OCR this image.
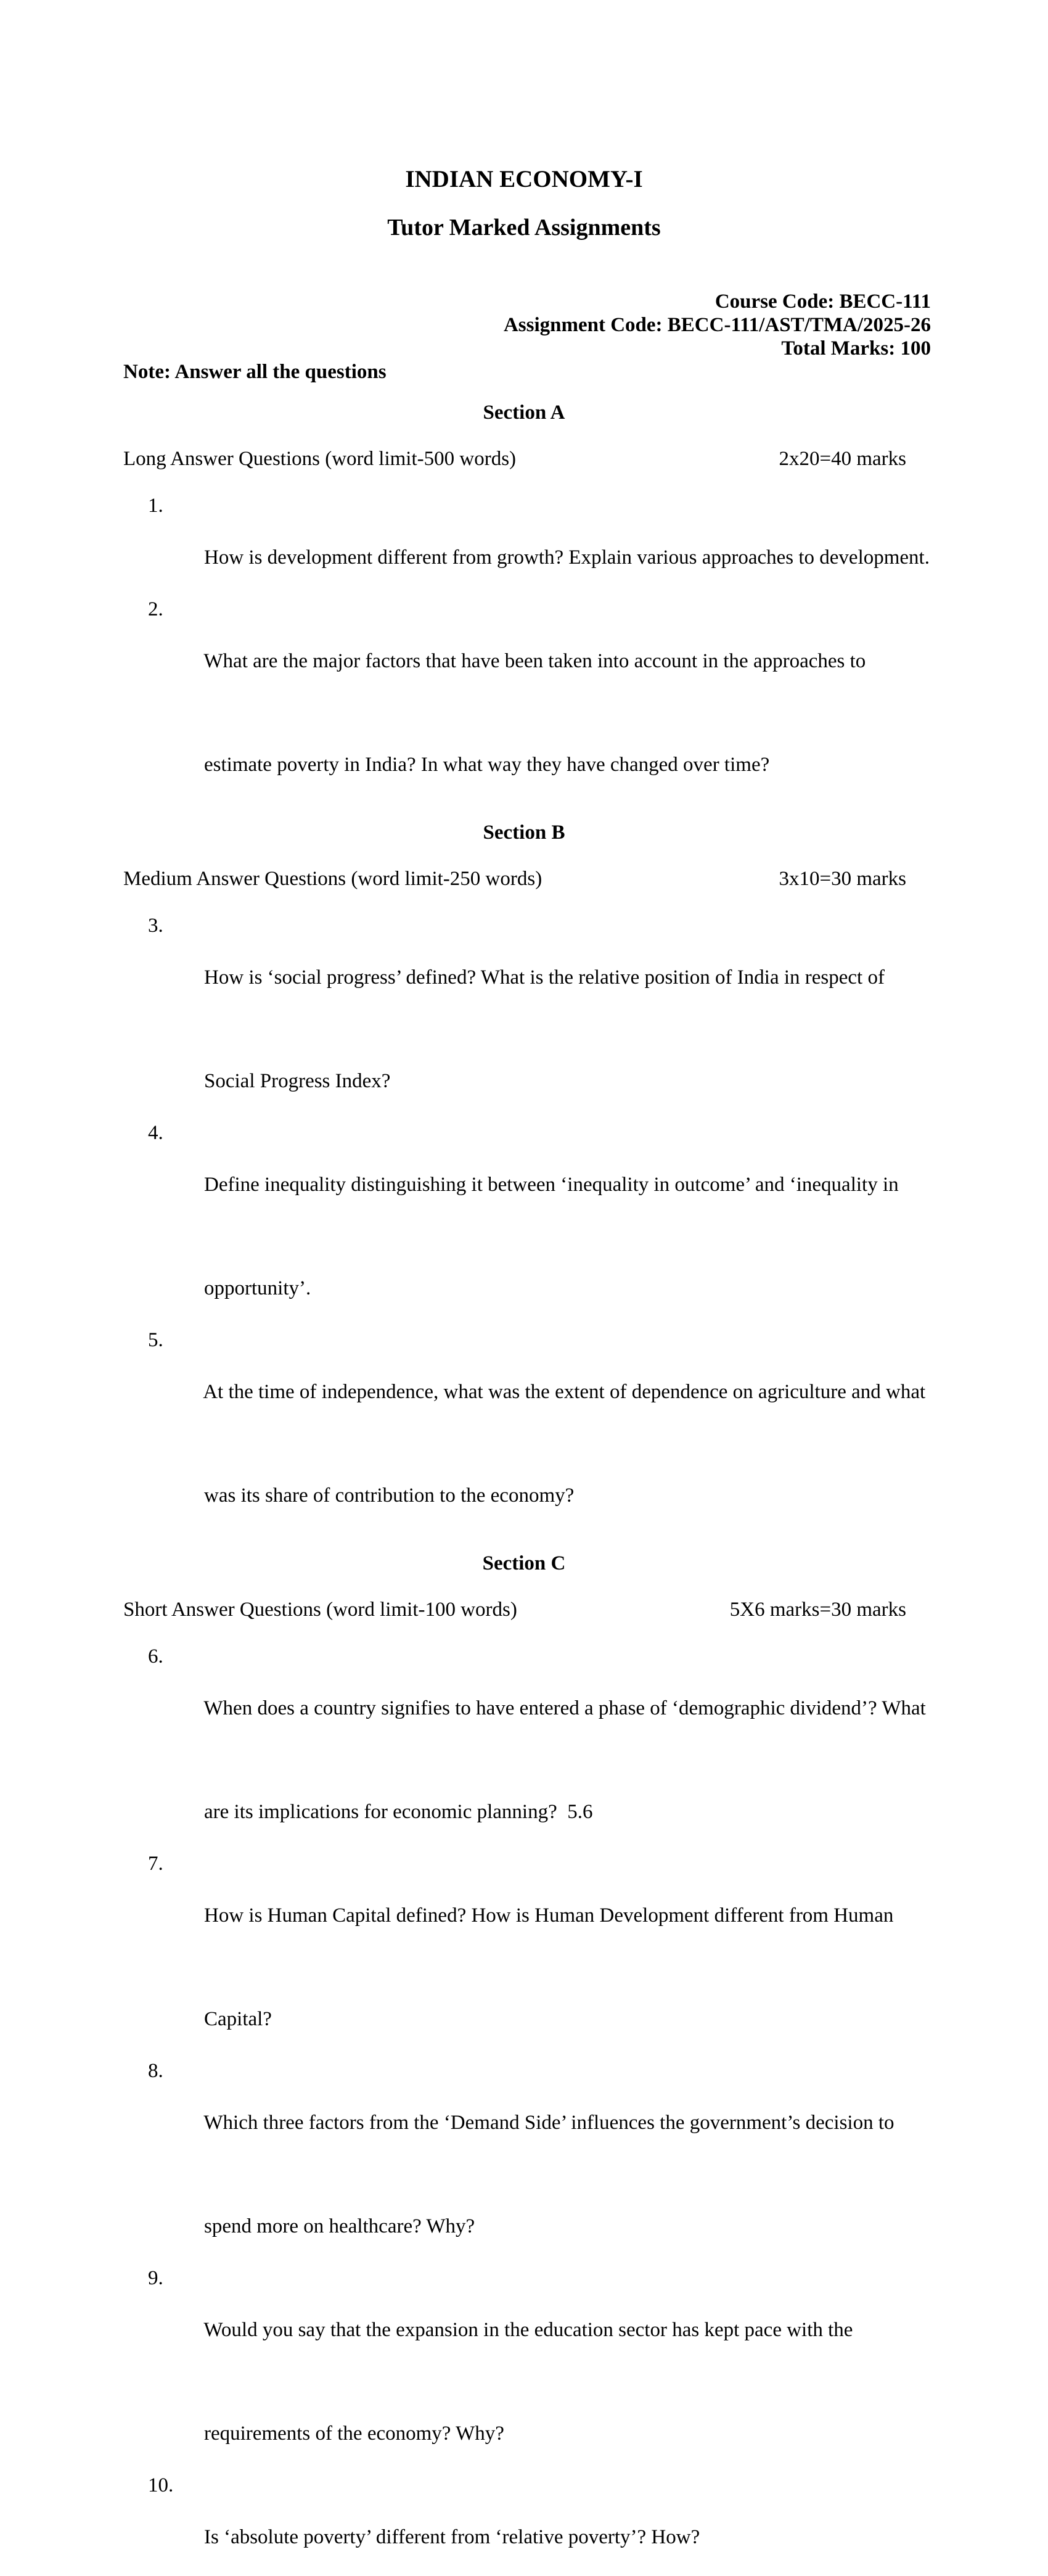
INDIAN ECONOMY-I
Tutor Marked Assignments
Course Code: BECC-111
Assignment Code: BECC-111/AST/TMA/2025-26
Total Marks: 100
Note: Answer all the questions
Section A
Long Answer Questions (word limit-500 words)	2x20=40 marks

1.

How is development different from growth? Explain various approaches to development.

2.

What are the major factors that have been taken into account in the approaches to

estimate poverty in India? In what way they have changed over time?

Section B
Medium Answer Questions (word limit-250 words)	3x10=30 marks

3.

How is ‘social progress’ defined? What is the relative position of India in respect of

Social Progress Index?

4.

Define inequality distinguishing it between ‘inequality in outcome’ and ‘inequality in

opportunity’.

5.

At the time of independence, what was the extent of dependence on agriculture and what

was its share of contribution to the economy?

Section C
Short Answer Questions (word limit-100 words)	5X6 marks=30 marks

6.

When does a country signifies to have entered a phase of ‘demographic dividend’? What

are its implications for economic planning?  5.6

7.

How is Human Capital defined? How is Human Development different from Human

Capital?

8.

Which three factors from the ‘Demand Side’ influences the government’s decision to

spend more on healthcare? Why?

9.

Would you say that the expansion in the education sector has kept pace with the

requirements of the economy? Why?

10.

Is ‘absolute poverty’ different from ‘relative poverty’? How?
